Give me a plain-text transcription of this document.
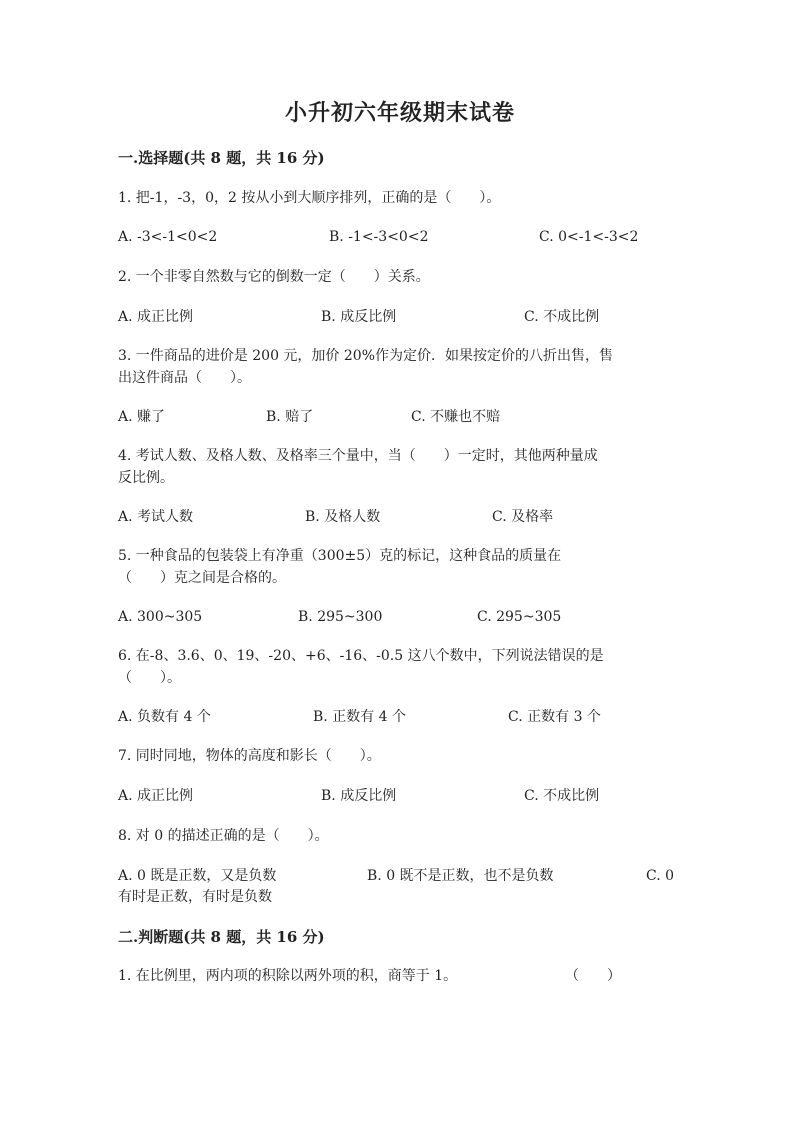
小升初六年级期末试卷
一.选择题(共 8 题，共 16 分)
1. 把-1，-3，0，2 按从小到大顺序排列，正确的是（　　）。
A. -3<-1<0<2	B. -1<-3<0<2	C. 0<-1<-3<2
2. 一个非零自然数与它的倒数一定（　　）关系。
A. 成正比例	B. 成反比例	C. 不成比例
3. 一件商品的进价是 200 元，加价 20%作为定价．如果按定价的八折出售，售
出这件商品（　　）。
A. 赚了	B. 赔了	C. 不赚也不赔
4. 考试人数、及格人数、及格率三个量中，当（　　）一定时，其他两种量成
反比例。
A. 考试人数	B. 及格人数	C. 及格率
5. 一种食品的包装袋上有净重（300±5）克的标记，这种食品的质量在
（　　）克之间是合格的。
A. 300~305	B. 295~300	C. 295~305
6. 在-8、3.6、0、19、-20、+6、-16、-0.5 这八个数中，下列说法错误的是
（　　）。
A. 负数有 4 个	B. 正数有 4 个	C. 正数有 3 个
7. 同时同地，物体的高度和影长（　　）。
A. 成正比例	B. 成反比例	C. 不成比例
8. 对 0 的描述正确的是（　　）。
A. 0 既是正数，又是负数	B. 0 既不是正数，也不是负数	C. 0
有时是正数，有时是负数
二.判断题(共 8 题，共 16 分)
1. 在比例里，两内项的积除以两外项的积，商等于 1。	（　　）
